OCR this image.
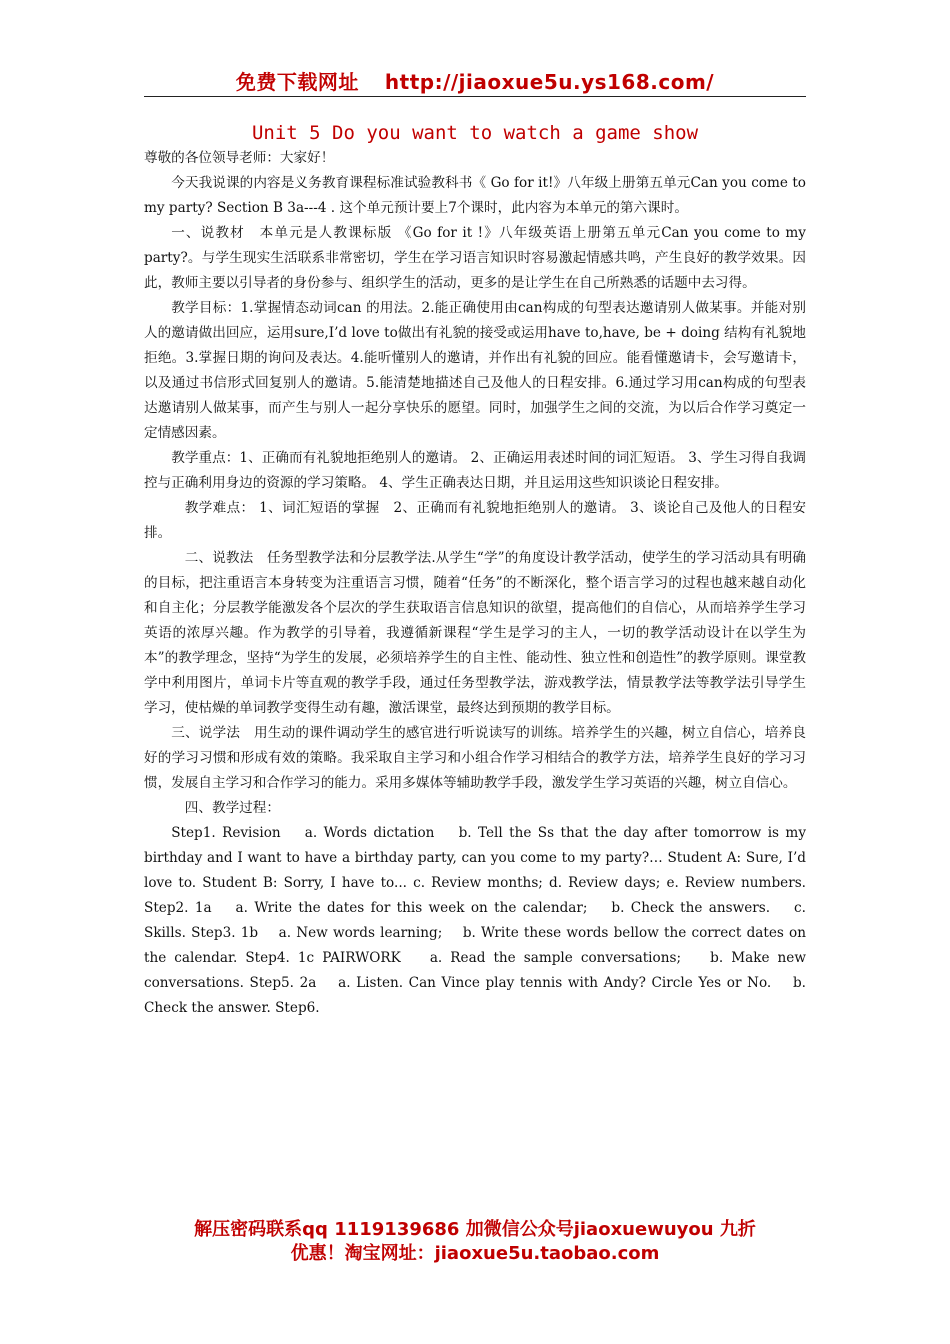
免费下载网址 http://jiaoxue5u.ys168.com/
Unit 5 Do you want to watch a game show

尊敬的各位领导老师：大家好！

今天我说课的内容是义务教育课程标准试验教科书《 Go for it!》八年级上册第五单元Can you come to my party? Section B 3a---4 . 这个单元预计要上7个课时，此内容为本单元的第六课时。

一、说教材　本单元是人教课标版 《Go for it !》八年级英语上册第五单元Can you come to my party?。与学生现实生活联系非常密切，学生在学习语言知识时容易激起情感共鸣，产生良好的教学效果。因此，教师主要以引导者的身份参与、组织学生的活动，更多的是让学生在自己所熟悉的话题中去习得。

教学目标：1.掌握情态动词can 的用法。2.能正确使用由can构成的句型表达邀请别人做某事。并能对别人的邀请做出回应，运用sure,I’d love to做出有礼貌的接受或运用have to,have, be + doing 结构有礼貌地拒绝。3.掌握日期的询问及表达。4.能听懂别人的邀请，并作出有礼貌的回应。能看懂邀请卡，会写邀请卡，以及通过书信形式回复别人的邀请。5.能清楚地描述自己及他人的日程安排。6.通过学习用can构成的句型表达邀请别人做某事，而产生与别人一起分享快乐的愿望。同时，加强学生之间的交流，为以后合作学习奠定一定情感因素。

教学重点：1、正确而有礼貌地拒绝别人的邀请。 2、正确运用表述时间的词汇短语。 3、学生习得自我调控与正确利用身边的资源的学习策略。 4、学生正确表达日期，并且运用这些知识谈论日程安排。

教学难点： 1、词汇短语的掌握　2、正确而有礼貌地拒绝别人的邀请。 3、谈论自己及他人的日程安排。

二、说教法　任务型教学法和分层教学法.从学生“学”的角度设计教学活动，使学生的学习活动具有明确的目标，把注重语言本身转变为注重语言习惯，随着“任务”的不断深化，整个语言学习的过程也越来越自动化和自主化；分层教学能激发各个层次的学生获取语言信息知识的欲望，提高他们的自信心，从而培养学生学习英语的浓厚兴趣。作为教学的引导着，我遵循新课程“学生是学习的主人，一切的教学活动设计在以学生为本”的教学理念，坚持“为学生的发展，必须培养学生的自主性、能动性、独立性和创造性”的教学原则。课堂教学中利用图片，单词卡片等直观的教学手段，通过任务型教学法，游戏教学法，情景教学法等教学法引导学生学习，使枯燥的单词教学变得生动有趣，激活课堂，最终达到预期的教学目标。

三、说学法　用生动的课件调动学生的感官进行听说读写的训练。培养学生的兴趣，树立自信心，培养良好的学习习惯和形成有效的策略。我采取自主学习和小组合作学习相结合的教学方法，培养学生良好的学习习惯，发展自主学习和合作学习的能力。采用多媒体等辅助教学手段，激发学生学习英语的兴趣，树立自信心。

四、教学过程：

Step1. Revision　 a. Words dictation　 b. Tell the Ss that the day after tomorrow is my birthday and I want to have a birthday party, can you come to my party?… Student A: Sure, I’d love to. Student B: Sorry, I have to... c. Review months; d. Review days; e. Review numbers. Step2. 1a　 a. Write the dates for this week on the calendar;　 b. Check the answers.　 c. Skills. Step3. 1b　 a. New words learning;　 b. Write these words bellow the correct dates on the calendar. Step4. 1c PAIRWORK　 a. Read the sample conversations;　 b. Make new conversations. Step5. 2a　 a. Listen. Can Vince play tennis with Andy? Circle Yes or No.　 b. Check the answer. Step6.

解压密码联系qq 1119139686 加微信公众号jiaoxuewuyou 九折
优惠！淘宝网址：jiaoxue5u.taobao.com
